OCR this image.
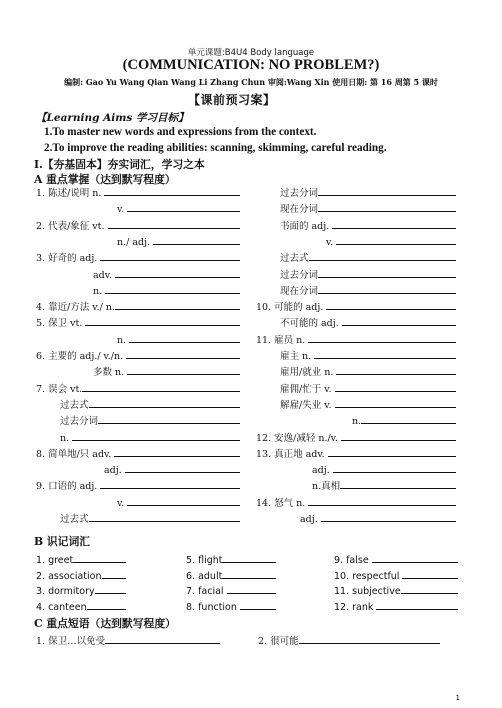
单元课题:B4U4 Body language
(COMMUNICATION: NO PROBLEM?)
编制: Gao Yu Wang Qian Wang Li Zhang Chun 审阅:Wang Xin 使用日期: 第 16 周第 5 课时
【课前预习案】
【Learning Aims 学习目标】
1.To master new words and expressions from the context.
2.To improve the reading abilities: scanning, skimming, careful reading.
I.【夯基固本】夯实词汇，学习之本
A 重点掌握（达到默写程度）
B 识记词汇
C 重点短语（达到默写程度）
1
1. 陈述/说明 n.
v.
2. 代表/象征 vt.
n./ adj.
3. 好奇的 adj.
adv.
n.
4. 靠近/方法 v./ n.
5. 保卫 vt.
n.
6. 主要的 adj./ v./n.
多数 n.
7. 误会 vt.
过去式
过去分词
n.
8. 简单地/只 adv.
adj.
9. 口语的 adj.
v.
过去式
过去分词
现在分词
书面的 adj.
v.
过去式
过去分词
现在分词
10. 可能的 adj.
不可能的 adj.
11. 雇员 n.
雇主 n.
雇用/就业 n.
雇佣/忙于 v.
解雇/失业 v.
n.
12. 安逸/减轻 n./v.
13. 真正地 adv.
adj.
n.真相
14. 怒气 n.
adj.
1. greet	5. flight	9. false
2. association	6. adult	10. respectful
3. dormitory	7. facial	11. subjective
4. canteen	8. function	12. rank
1. 保卫…以免受	2. 很可能
